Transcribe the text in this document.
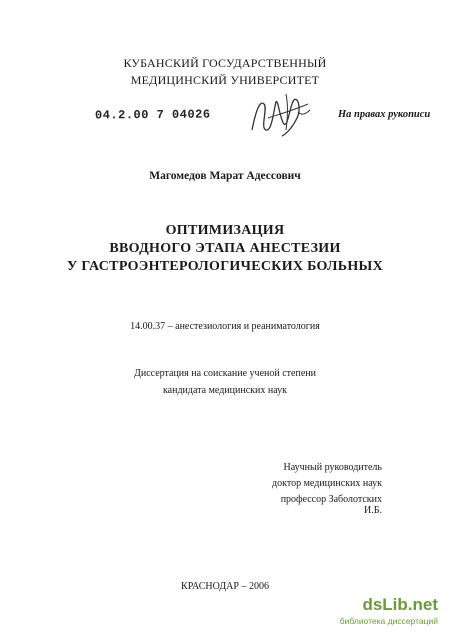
КУБАНСКИЙ ГОСУДАРСТВЕННЫЙ
МЕДИЦИНСКИЙ УНИВЕРСИТЕТ
04.2.00 7 04026	На правах рукописи
Магомедов Марат Адессович
ОПТИМИЗАЦИЯ
ВВОДНОГО ЭТАПА АНЕСТЕЗИИ
У ГАСТРОЭНТЕРОЛОГИЧЕСКИХ БОЛЬНЫХ
14.00.37 – анестезиология и реаниматология
Диссертация на соискание ученой степени
кандидата медицинских наук
Научный руководитель
доктор медицинских наук
профессор Заболотских И.Б.
КРАСНОДАР – 2006
dsLib.net
библиотека диссертаций
